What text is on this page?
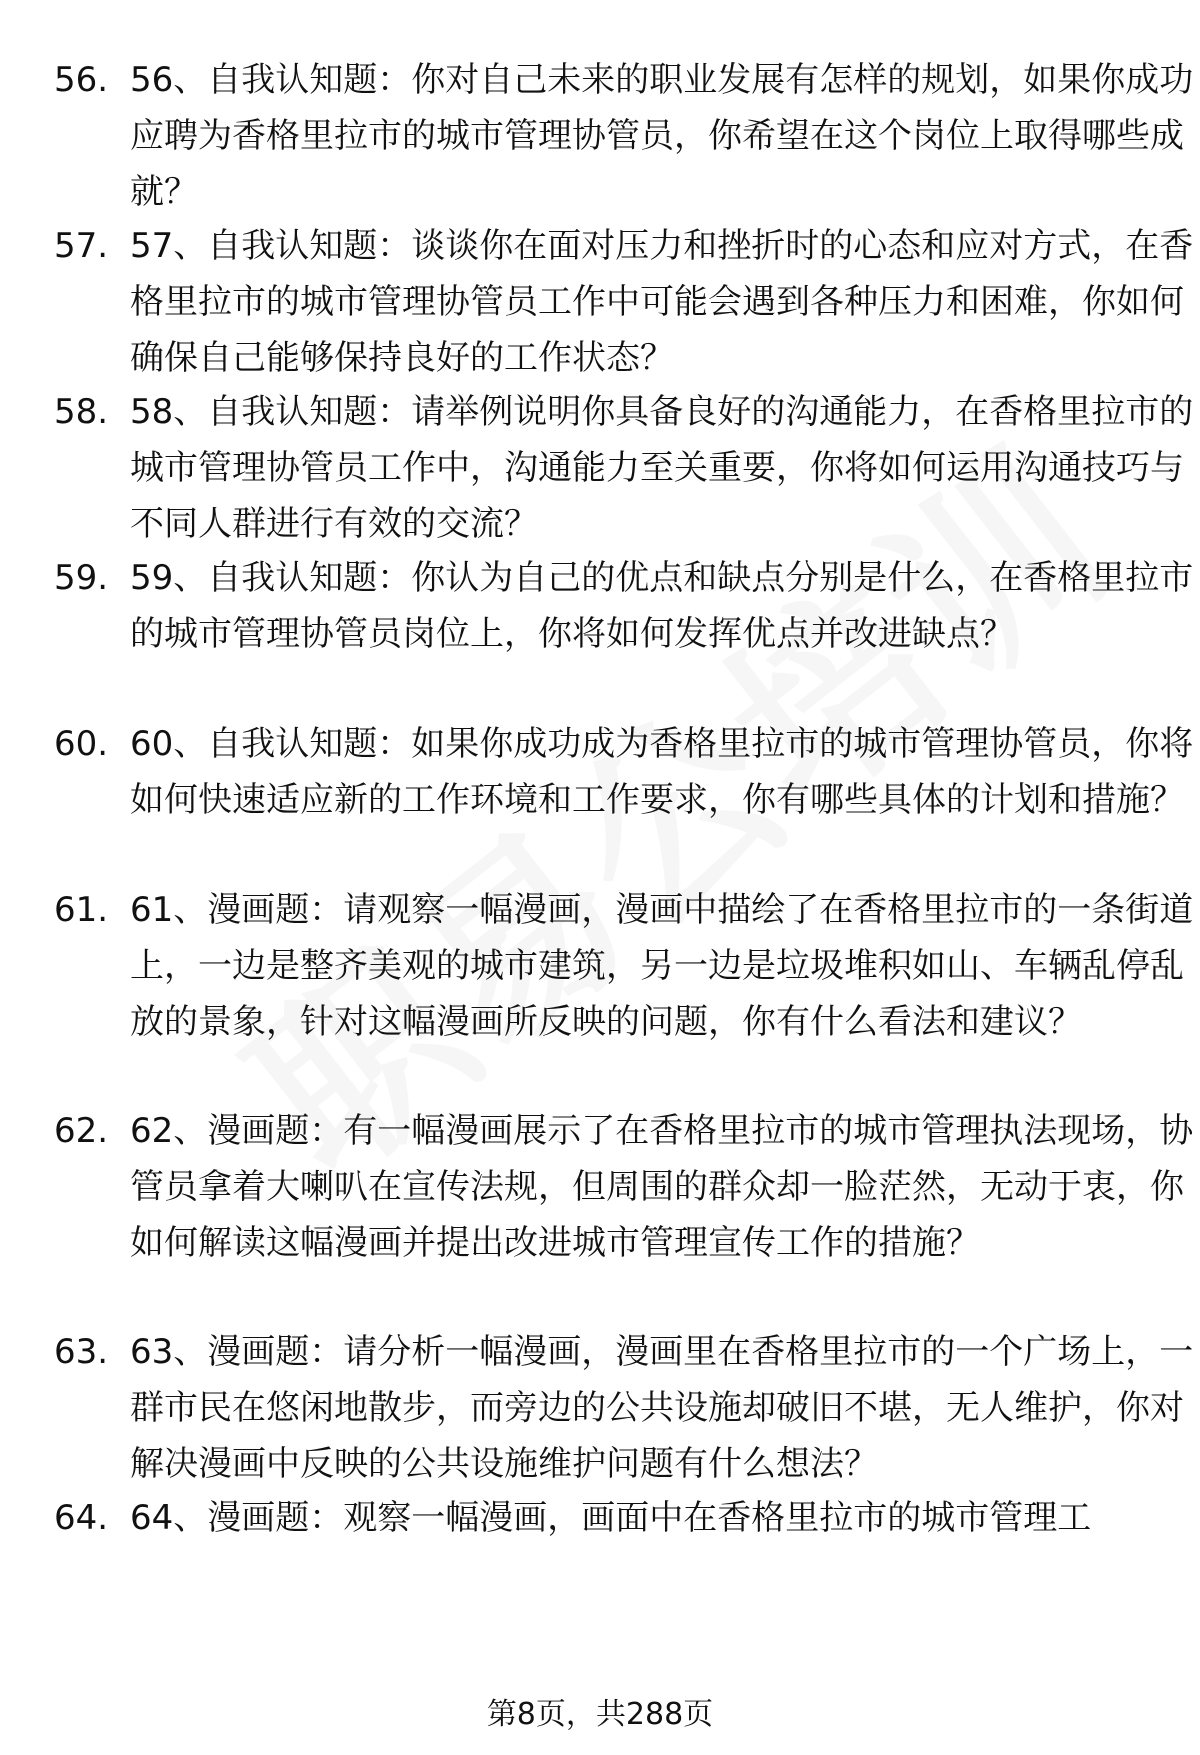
56. 56、自我认知题：你对自己未来的职业发展有怎样的规划，如果你成功应聘为香格里拉市的城市管理协管员，你希望在这个岗位上取得哪些成就？
57. 57、自我认知题：谈谈你在面对压力和挫折时的心态和应对方式，在香格里拉市的城市管理协管员工作中可能会遇到各种压力和困难，你如何确保自己能够保持良好的工作状态？
58. 58、自我认知题：请举例说明你具备良好的沟通能力，在香格里拉市的城市管理协管员工作中，沟通能力至关重要，你将如何运用沟通技巧与不同人群进行有效的交流？
59. 59、自我认知题：你认为自己的优点和缺点分别是什么，在香格里拉市的城市管理协管员岗位上，你将如何发挥优点并改进缺点？
60. 60、自我认知题：如果你成功成为香格里拉市的城市管理协管员，你将如何快速适应新的工作环境和工作要求，你有哪些具体的计划和措施？
61. 61、漫画题：请观察一幅漫画，漫画中描绘了在香格里拉市的一条街道上，一边是整齐美观的城市建筑，另一边是垃圾堆积如山、车辆乱停乱放的景象，针对这幅漫画所反映的问题，你有什么看法和建议？
62. 62、漫画题：有一幅漫画展示了在香格里拉市的城市管理执法现场，协管员拿着大喇叭在宣传法规，但周围的群众却一脸茫然，无动于衷，你如何解读这幅漫画并提出改进城市管理宣传工作的措施？
63. 63、漫画题：请分析一幅漫画，漫画里在香格里拉市的一个广场上，一群市民在悠闲地散步，而旁边的公共设施却破旧不堪，无人维护，你对解决漫画中反映的公共设施维护问题有什么想法？
64. 64、漫画题：观察一幅漫画，画面中在香格里拉市的城市管理工
第8页，共288页
